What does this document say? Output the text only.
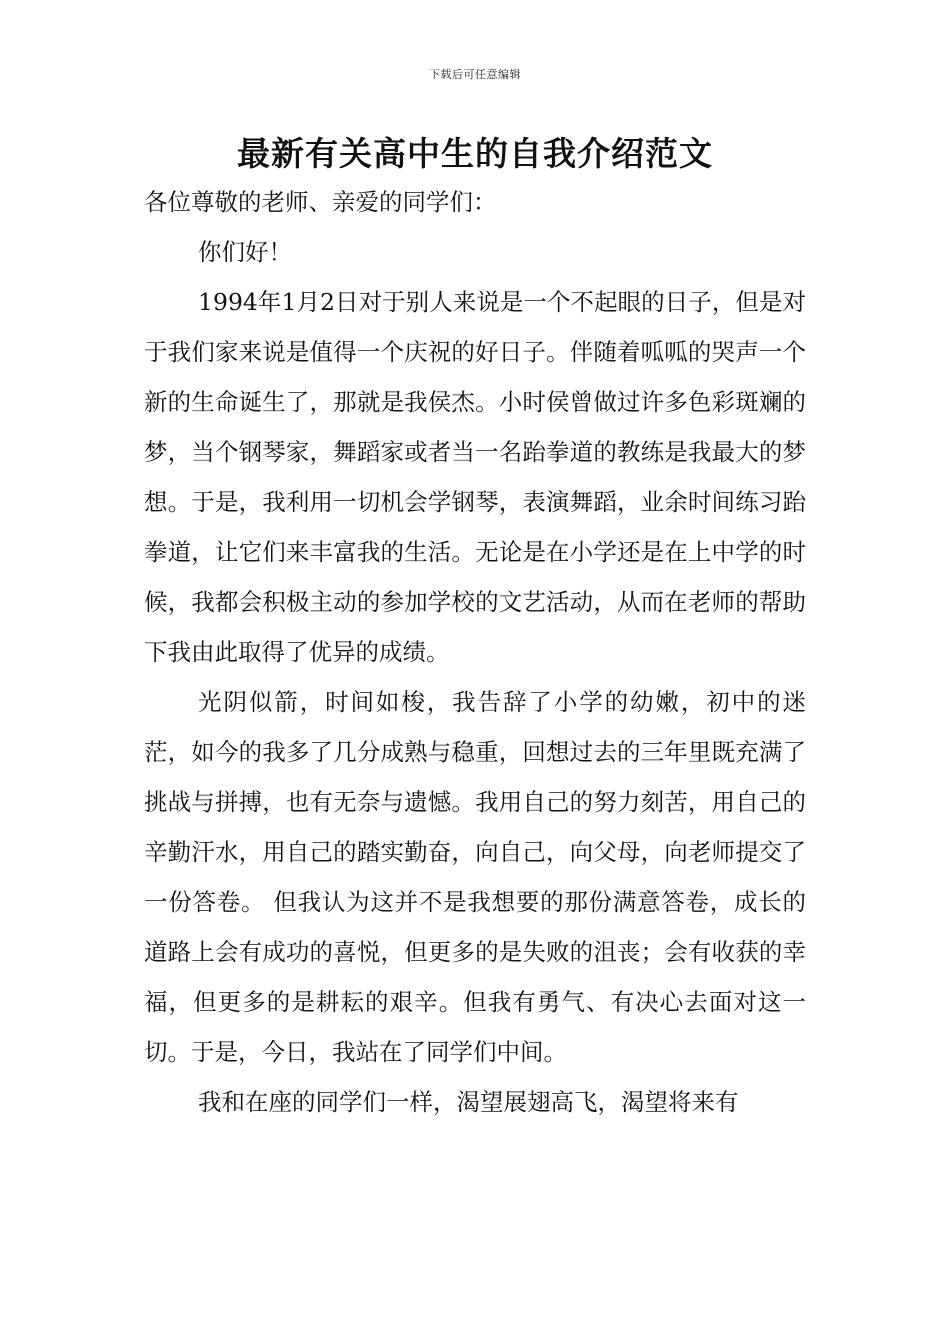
下载后可任意编辑
最新有关高中生的自我介绍范文

各位尊敬的老师、亲爱的同学们：

你们好！

1994年1月2日对于别人来说是一个不起眼的日子，但是对于我们家来说是值得一个庆祝的好日子。伴随着呱呱的哭声一个新的生命诞生了，那就是我侯杰。小时侯曾做过许多色彩斑斓的梦，当个钢琴家，舞蹈家或者当一名跆拳道的教练是我最大的梦想。于是，我利用一切机会学钢琴，表演舞蹈，业余时间练习跆拳道，让它们来丰富我的生活。无论是在小学还是在上中学的时候，我都会积极主动的参加学校的文艺活动，从而在老师的帮助下我由此取得了优异的成绩。

光阴似箭，时间如梭，我告辞了小学的幼嫩，初中的迷茫，如今的我多了几分成熟与稳重，回想过去的三年里既充满了挑战与拼搏，也有无奈与遗憾。我用自己的努力刻苦，用自己的辛勤汗水，用自己的踏实勤奋，向自己，向父母，向老师提交了一份答卷。 但我认为这并不是我想要的那份满意答卷，成长的道路上会有成功的喜悦，但更多的是失败的沮丧；会有收获的幸福，但更多的是耕耘的艰辛。但我有勇气、有决心去面对这一切。于是，今日，我站在了同学们中间。

我和在座的同学们一样，渴望展翅高飞，渴望将来有
